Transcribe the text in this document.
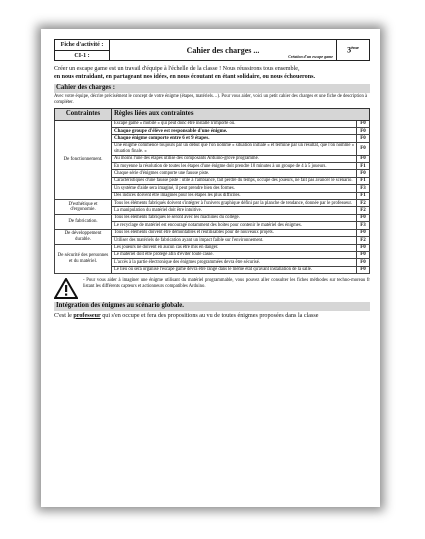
Fiche d'activité :	Cahier des charges ...
Création d'un escape game
	3ème
CI-1 :
Créer un escape game est un travail d'équipe à l'échelle de la classe ! Nous réussirons tous ensemble,
en nous entraidant, en partageant nos idées, en nous écoutant en étant solidaire, ou nous échouerons.
Cahier des charges :
Avec votre équipe, décrire précisément le concept de votre énigme (étapes, matériels…). Pour vous aider, voici un petit cahier des charges et une fiche de description à compléter.
Contraintes	Règles liées aux contraintes	
De fonctionnement.	Escape game « mobile » qui peut donc être installé n'importe où.	F0
	Chaque groupe d'élève est responsable d'une énigme.	F0
	Chaque énigme comporte entre 6 et 9 étapes.	F0
	Une énigme commence toujours par un début que l'on nomme « situation initiale » et termine par un résultat, que l'on nomme « situation finale. »	F0
	Au moins l'une des étapes utilise des composants Arduino-grove programmé.	F0
	En moyenne la résolution de toutes les étapes d'une énigme doit prendre 10 minutes à un groupe de 4 à 5 joueurs.	F1
	Chaque série d'énigmes comporte une fausse piste.	F0
	Caractéristiques d'une fausse piste : utile à l'ambiance, fait perdre du temps, occupe des joueurs, ne fait pas avancer le scénario.	F1
	Un système d'aide sera imaginé, il peut prendre bien des formes.	F3
	Des indices doivent être imaginés pour les étapes les plus difficiles.	F1
D'esthétique et d'ergonomie.	Tous les éléments fabriqués doivent s'intégrer à l'univers graphique défini par la planche de tendance, donnée par le professeur.	F2
	La manipulation du matériel doit être intuitive.	F2
De fabrication.	Tous les éléments fabriqués le seront avec les machines du collège.	F0
	Le recyclage de matériel est encouragé notamment des boites pour contenir le matériel des énigmes.	F3
De développement durable.	Tous les éléments doivent être démontables et réutilisables pour de nouveaux projets.	F0
	Utiliser des matériels de fabrication ayant un impact faible sur l'environnement.	F2
De sécurité des personnes et du matériel.	Les joueurs ne doivent en aucun cas être mis en danger.	F0
	Le matériel doit être protégé afin d'éviter toute casse.	F0
	L'accès à la partie électronique des énigmes programmées devra être sécurisé.	F0
	Le lieu où sera organisé l'escape game devra être rangé dans le même état qu'avant installation de la salle.	F0
- Pour vous aider à imaginer une énigme utilisant du matériel programmable, vous pouvez aller consulter les fiches méthodes sur techno-moreau fr listant les différents capteurs et actionneurs compatibles Arduino.
Intégration des énigmes au scénario globale.
C'est le professeur qui s'en occupe et fera des propositions au vu de toutes énigmes proposées dans la classe
